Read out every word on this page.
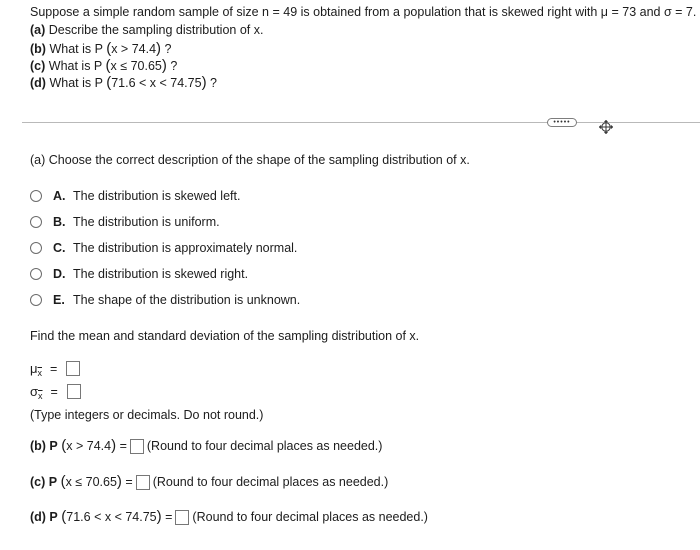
Suppose a simple random sample of size n = 49 is obtained from a population that is skewed right with μ = 73 and σ = 7.
(a) Describe the sampling distribution of x.
(b) What is P (x > 74.4) ?
(c) What is P (x ≤ 70.65) ?
(d) What is P (71.6 < x < 74.75) ?
•••••
(a) Choose the correct description of the shape of the sampling distribution of x.
A. The distribution is skewed left.
B. The distribution is uniform.
C. The distribution is approximately normal.
D. The distribution is skewed right.
E. The shape of the distribution is unknown.
Find the mean and standard deviation of the sampling distribution of x.
μ $\overline{x}$ =
σ $\overline{x}$ =
(Type integers or decimals. Do not round.)
(b) P (x > 74.4) = (Round to four decimal places as needed.)
(c) P (x ≤ 70.65) = (Round to four decimal places as needed.)
(d) P (71.6 < x < 74.75) = (Round to four decimal places as needed.)
